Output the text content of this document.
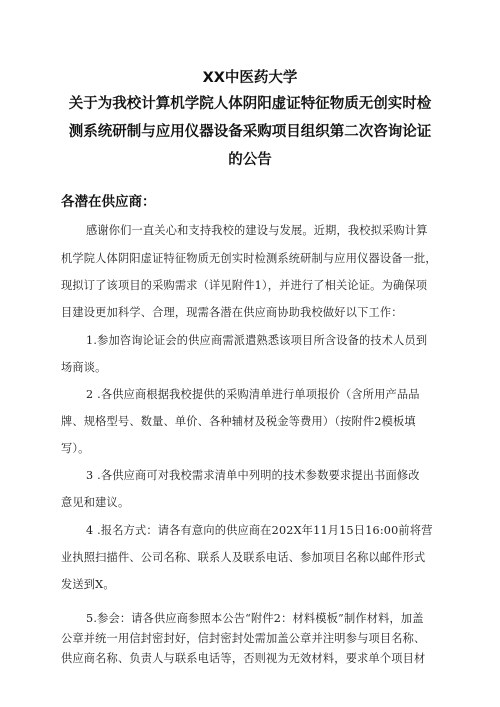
XX中医药大学
关于为我校计算机学院人体阴阳虚证特征物质无创实时检
测系统研制与应用仪器设备采购项目组织第二次咨询论证
的公告
各潜在供应商：
感谢你们一直关心和支持我校的建设与发展。近期，我校拟采购计算
机学院人体阴阳虚证特征物质无创实时检测系统研制与应用仪器设备一批，
现拟订了该项目的采购需求（详见附件1），并进行了相关论证。为确保项
目建设更加科学、合理，现需各潜在供应商协助我校做好以下工作：
1.参加咨询论证会的供应商需派遣熟悉该项目所含设备的技术人员到
场商谈。
2 .各供应商根据我校提供的采购清单进行单项报价（含所用产品品
牌、规格型号、数量、单价、各种辅材及税金等费用）（按附件2模板填
写）。
3 .各供应商可对我校需求清单中列明的技术参数要求提出书面修改
意见和建议。
4 .报名方式：请各有意向的供应商在202X年11月15日16:00前将营
业执照扫描件、公司名称、联系人及联系电话、参加项目名称以邮件形式
发送到X。
5.参会：请各供应商参照本公告“附件2：材料模板”制作材料，加盖
公章并统一用信封密封好，信封密封处需加盖公章并注明参与项目名称、
供应商名称、负责人与联系电话等，否则视为无效材料，要求单个项目材
